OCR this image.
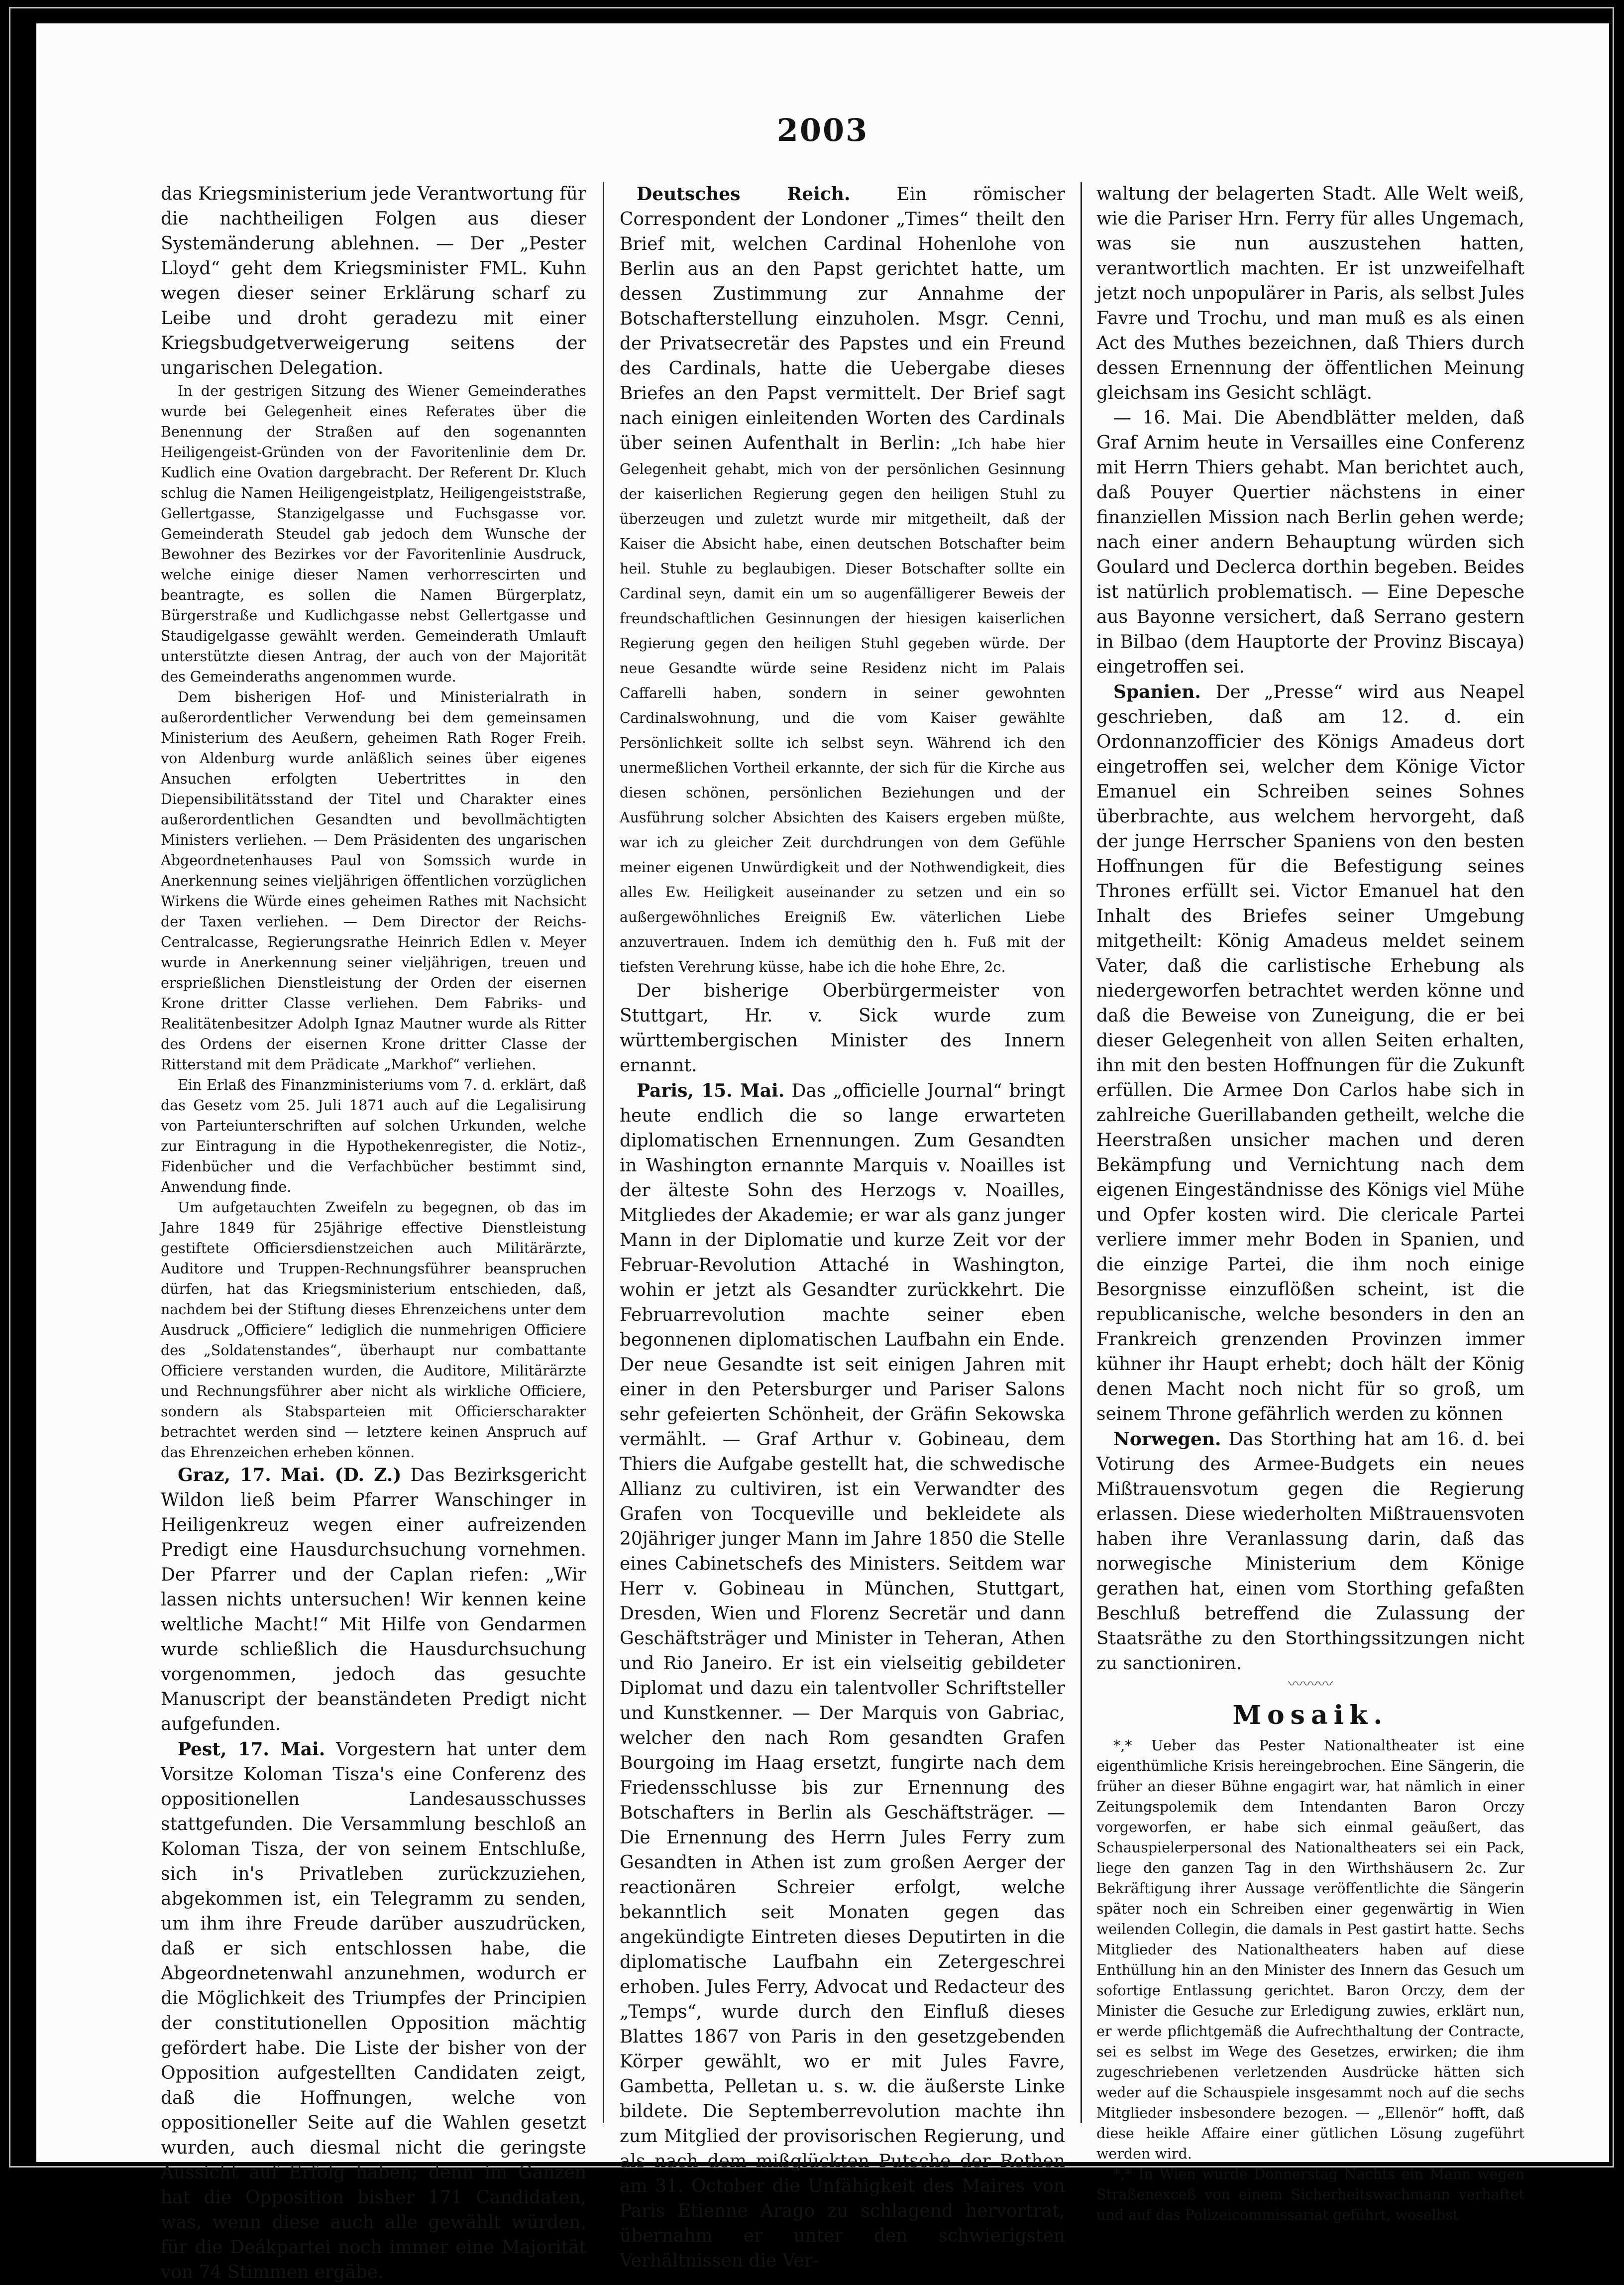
2003

das Kriegsministerium jede Verantwortung für die nachtheiligen Folgen aus dieser Systemänderung ablehnen. — Der „Pester Lloyd“ geht dem Kriegsminister FML. Kuhn wegen dieser seiner Erklärung scharf zu Leibe und droht geradezu mit einer Kriegsbudgetverweigerung seitens der ungarischen Delegation.

In der gestrigen Sitzung des Wiener Gemeinderathes wurde bei Gelegenheit eines Referates über die Benennung der Straßen auf den sogenannten Heiligengeist-Gründen von der Favoritenlinie dem Dr. Kudlich eine Ovation dargebracht. Der Referent Dr. Kluch schlug die Namen Heiligengeistplatz, Heiligengeiststraße, Gellertgasse, Stanzigelgasse und Fuchsgasse vor. Gemeinderath Steudel gab jedoch dem Wunsche der Bewohner des Bezirkes vor der Favoritenlinie Ausdruck, welche einige dieser Namen verhorrescirten und beantragte, es sollen die Namen Bürgerplatz, Bürgerstraße und Kudlichgasse nebst Gellertgasse und Staudigelgasse gewählt werden. Gemeinderath Umlauft unterstützte diesen Antrag, der auch von der Majorität des Gemeinderaths angenommen wurde.

Dem bisherigen Hof- und Ministerialrath in außerordentlicher Verwendung bei dem gemeinsamen Ministerium des Aeußern, geheimen Rath Roger Freih. von Aldenburg wurde anläßlich seines über eigenes Ansuchen erfolgten Uebertrittes in den Diepensibilitätsstand der Titel und Charakter eines außerordentlichen Gesandten und bevollmächtigten Ministers verliehen. — Dem Präsidenten des ungarischen Abgeordnetenhauses Paul von Somssich wurde in Anerkennung seines vieljährigen öffentlichen vorzüglichen Wirkens die Würde eines geheimen Rathes mit Nachsicht der Taxen verliehen. — Dem Director der Reichs-Centralcasse, Regierungsrathe Heinrich Edlen v. Meyer wurde in Anerkennung seiner vieljährigen, treuen und ersprießlichen Dienstleistung der Orden der eisernen Krone dritter Classe verliehen. Dem Fabriks- und Realitätenbesitzer Adolph Ignaz Mautner wurde als Ritter des Ordens der eisernen Krone dritter Classe der Ritterstand mit dem Prädicate „Markhof“ verliehen.

Ein Erlaß des Finanzministeriums vom 7. d. erklärt, daß das Gesetz vom 25. Juli 1871 auch auf die Legalisirung von Parteiunterschriften auf solchen Urkunden, welche zur Eintragung in die Hypothekenregister, die Notiz-, Fidenbücher und die Verfachbücher bestimmt sind, Anwendung finde.

Um aufgetauchten Zweifeln zu begegnen, ob das im Jahre 1849 für 25jährige effective Dienstleistung gestiftete Officiersdienstzeichen auch Militärärzte, Auditore und Truppen-Rechnungsführer beanspruchen dürfen, hat das Kriegsministerium entschieden, daß, nachdem bei der Stiftung dieses Ehrenzeichens unter dem Ausdruck „Officiere“ lediglich die nunmehrigen Officiere des „Soldatenstandes“, überhaupt nur combattante Officiere verstanden wurden, die Auditore, Militärärzte und Rechnungsführer aber nicht als wirkliche Officiere, sondern als Stabsparteien mit Officierscharakter betrachtet werden sind — letztere keinen Anspruch auf das Ehrenzeichen erheben können.

Graz, 17. Mai. (D. Z.) Das Bezirksgericht Wildon ließ beim Pfarrer Wanschinger in Heiligenkreuz wegen einer aufreizenden Predigt eine Hausdurchsuchung vornehmen. Der Pfarrer und der Caplan riefen: „Wir lassen nichts untersuchen! Wir kennen keine weltliche Macht!“ Mit Hilfe von Gendarmen wurde schließlich die Hausdurchsuchung vorgenommen, jedoch das gesuchte Manuscript der beanständeten Predigt nicht aufgefunden.

Pest, 17. Mai. Vorgestern hat unter dem Vorsitze Koloman Tisza's eine Conferenz des oppositionellen Landesausschusses stattgefunden. Die Versammlung beschloß an Koloman Tisza, der von seinem Entschluße, sich in's Privatleben zurückzuziehen, abgekommen ist, ein Telegramm zu senden, um ihm ihre Freude darüber auszudrücken, daß er sich entschlossen habe, die Abgeordnetenwahl anzunehmen, wodurch er die Möglichkeit des Triumpfes der Principien der constitutionellen Opposition mächtig gefördert habe. Die Liste der bisher von der Opposition aufgestellten Candidaten zeigt, daß die Hoffnungen, welche von oppositioneller Seite auf die Wahlen gesetzt wurden, auch diesmal nicht die geringste Aussicht auf Erfolg haben; denn im Ganzen hat die Opposition bisher 171 Candidaten, was, wenn diese auch alle gewählt würden, für die Deákpartei noch immer eine Majorität von 74 Stimmen ergäbe.

Deutsches Reich. Ein römischer Correspondent der Londoner „Times“ theilt den Brief mit, welchen Cardinal Hohenlohe von Berlin aus an den Papst gerichtet hatte, um dessen Zustimmung zur Annahme der Botschafterstellung einzuholen. Msgr. Cenni, der Privatsecretär des Papstes und ein Freund des Cardinals, hatte die Uebergabe dieses Briefes an den Papst vermittelt. Der Brief sagt nach einigen einleitenden Worten des Cardinals über seinen Aufenthalt in Berlin: „Ich habe hier Gelegenheit gehabt, mich von der persönlichen Gesinnung der kaiserlichen Regierung gegen den heiligen Stuhl zu überzeugen und zuletzt wurde mir mitgetheilt, daß der Kaiser die Absicht habe, einen deutschen Botschafter beim heil. Stuhle zu beglaubigen. Dieser Botschafter sollte ein Cardinal seyn, damit ein um so augenfälligerer Beweis der freundschaftlichen Gesinnungen der hiesigen kaiserlichen Regierung gegen den heiligen Stuhl gegeben würde. Der neue Gesandte würde seine Residenz nicht im Palais Caffarelli haben, sondern in seiner gewohnten Cardinalswohnung, und die vom Kaiser gewählte Persönlichkeit sollte ich selbst seyn. Während ich den unermeßlichen Vortheil erkannte, der sich für die Kirche aus diesen schönen, persönlichen Beziehungen und der Ausführung solcher Absichten des Kaisers ergeben müßte, war ich zu gleicher Zeit durchdrungen von dem Gefühle meiner eigenen Unwürdigkeit und der Nothwendigkeit, dies alles Ew. Heiligkeit auseinander zu setzen und ein so außergewöhnliches Ereigniß Ew. väterlichen Liebe anzuvertrauen. Indem ich demüthig den h. Fuß mit der tiefsten Verehrung küsse, habe ich die hohe Ehre, 2c.

Der bisherige Oberbürgermeister von Stuttgart, Hr. v. Sick wurde zum württembergischen Minister des Innern ernannt.

Paris, 15. Mai. Das „officielle Journal“ bringt heute endlich die so lange erwarteten diplomatischen Ernennungen. Zum Gesandten in Washington ernannte Marquis v. Noailles ist der älteste Sohn des Herzogs v. Noailles, Mitgliedes der Akademie; er war als ganz junger Mann in der Diplomatie und kurze Zeit vor der Februar-Revolution Attaché in Washington, wohin er jetzt als Gesandter zurückkehrt. Die Februarrevolution machte seiner eben begonnenen diplomatischen Laufbahn ein Ende. Der neue Gesandte ist seit einigen Jahren mit einer in den Petersburger und Pariser Salons sehr gefeierten Schönheit, der Gräfin Sekowska vermählt. — Graf Arthur v. Gobineau, dem Thiers die Aufgabe gestellt hat, die schwedische Allianz zu cultiviren, ist ein Verwandter des Grafen von Tocqueville und bekleidete als 20jähriger junger Mann im Jahre 1850 die Stelle eines Cabinetschefs des Ministers. Seitdem war Herr v. Gobineau in München, Stuttgart, Dresden, Wien und Florenz Secretär und dann Geschäftsträger und Minister in Teheran, Athen und Rio Janeiro. Er ist ein vielseitig gebildeter Diplomat und dazu ein talentvoller Schriftsteller und Kunstkenner. — Der Marquis von Gabriac, welcher den nach Rom gesandten Grafen Bourgoing im Haag ersetzt, fungirte nach dem Friedensschlusse bis zur Ernennung des Botschafters in Berlin als Geschäftsträger. — Die Ernennung des Herrn Jules Ferry zum Gesandten in Athen ist zum großen Aerger der reactionären Schreier erfolgt, welche bekanntlich seit Monaten gegen das angekündigte Eintreten dieses Deputirten in die diplomatische Laufbahn ein Zetergeschrei erhoben. Jules Ferry, Advocat und Redacteur des „Temps“, wurde durch den Einfluß dieses Blattes 1867 von Paris in den gesetzgebenden Körper gewählt, wo er mit Jules Favre, Gambetta, Pelletan u. s. w. die äußerste Linke bildete. Die Septemberrevolution machte ihn zum Mitglied der provisorischen Regierung, und als nach dem mißglückten Putsche der Rothen am 31. October die Unfähigkeit des Maires von Paris Etienne Arago zu schlagend hervortrat, übernahm er unter den schwierigsten Verhältnissen die Ver-

waltung der belagerten Stadt. Alle Welt weiß, wie die Pariser Hrn. Ferry für alles Ungemach, was sie nun auszustehen hatten, verantwortlich machten. Er ist unzweifelhaft jetzt noch unpopulärer in Paris, als selbst Jules Favre und Trochu, und man muß es als einen Act des Muthes bezeichnen, daß Thiers durch dessen Ernennung der öffentlichen Meinung gleichsam ins Gesicht schlägt.

— 16. Mai. Die Abendblätter melden, daß Graf Arnim heute in Versailles eine Conferenz mit Herrn Thiers gehabt. Man berichtet auch, daß Pouyer Quertier nächstens in einer finanziellen Mission nach Berlin gehen werde; nach einer andern Behauptung würden sich Goulard und Declerca dorthin begeben. Beides ist natürlich problematisch. — Eine Depesche aus Bayonne versichert, daß Serrano gestern in Bilbao (dem Hauptorte der Provinz Biscaya) eingetroffen sei.

Spanien. Der „Presse“ wird aus Neapel geschrieben, daß am 12. d. ein Ordonnanzofficier des Königs Amadeus dort eingetroffen sei, welcher dem Könige Victor Emanuel ein Schreiben seines Sohnes überbrachte, aus welchem hervorgeht, daß der junge Herrscher Spaniens von den besten Hoffnungen für die Befestigung seines Thrones erfüllt sei. Victor Emanuel hat den Inhalt des Briefes seiner Umgebung mitgetheilt: König Amadeus meldet seinem Vater, daß die carlistische Erhebung als niedergeworfen betrachtet werden könne und daß die Beweise von Zuneigung, die er bei dieser Gelegenheit von allen Seiten erhalten, ihn mit den besten Hoffnungen für die Zukunft erfüllen. Die Armee Don Carlos habe sich in zahlreiche Guerillabanden getheilt, welche die Heerstraßen unsicher machen und deren Bekämpfung und Vernichtung nach dem eigenen Eingeständnisse des Königs viel Mühe und Opfer kosten wird. Die clericale Partei verliere immer mehr Boden in Spanien, und die einzige Partei, die ihm noch einige Besorgnisse einzuflößen scheint, ist die republicanische, welche besonders in den an Frankreich grenzenden Provinzen immer kühner ihr Haupt erhebt; doch hält der König denen Macht noch nicht für so groß, um seinem Throne gefährlich werden zu können

Norwegen. Das Storthing hat am 16. d. bei Votirung des Armee-Budgets ein neues Mißtrauensvotum gegen die Regierung erlassen. Diese wiederholten Mißtrauensvoten haben ihre Veranlassung darin, daß das norwegische Ministerium dem Könige gerathen hat, einen vom Storthing gefaßten Beschluß betreffend die Zulassung der Staatsräthe zu den Storthingssitzungen nicht zu sanctioniren.

〰〰〰
Mosaik.

*,* Ueber das Pester Nationaltheater ist eine eigenthümliche Krisis hereingebrochen. Eine Sängerin, die früher an dieser Bühne engagirt war, hat nämlich in einer Zeitungspolemik dem Intendanten Baron Orczy vorgeworfen, er habe sich einmal geäußert, das Schauspielerpersonal des Nationaltheaters sei ein Pack, liege den ganzen Tag in den Wirthshäusern 2c. Zur Bekräftigung ihrer Aussage veröffentlichte die Sängerin später noch ein Schreiben einer gegenwärtig in Wien weilenden Collegin, die damals in Pest gastirt hatte. Sechs Mitglieder des Nationaltheaters haben auf diese Enthüllung hin an den Minister des Innern das Gesuch um sofortige Entlassung gerichtet. Baron Orczy, dem der Minister die Gesuche zur Erledigung zuwies, erklärt nun, er werde pflichtgemäß die Aufrechthaltung der Contracte, sei es selbst im Wege des Gesetzes, erwirken; die ihm zugeschriebenen verletzenden Ausdrücke hätten sich weder auf die Schauspiele insgesammt noch auf die sechs Mitglieder insbesondere bezogen. — „Ellenör“ hofft, daß diese heikle Affaire einer gütlichen Lösung zugeführt werden wird.

*,* In Wien wurde Donnerstag Nachts ein Mann wegen Straßenexceß von einem Sicherheitswachmann verhaftet und auf das Polizeicommissariat geführt, woselbst
